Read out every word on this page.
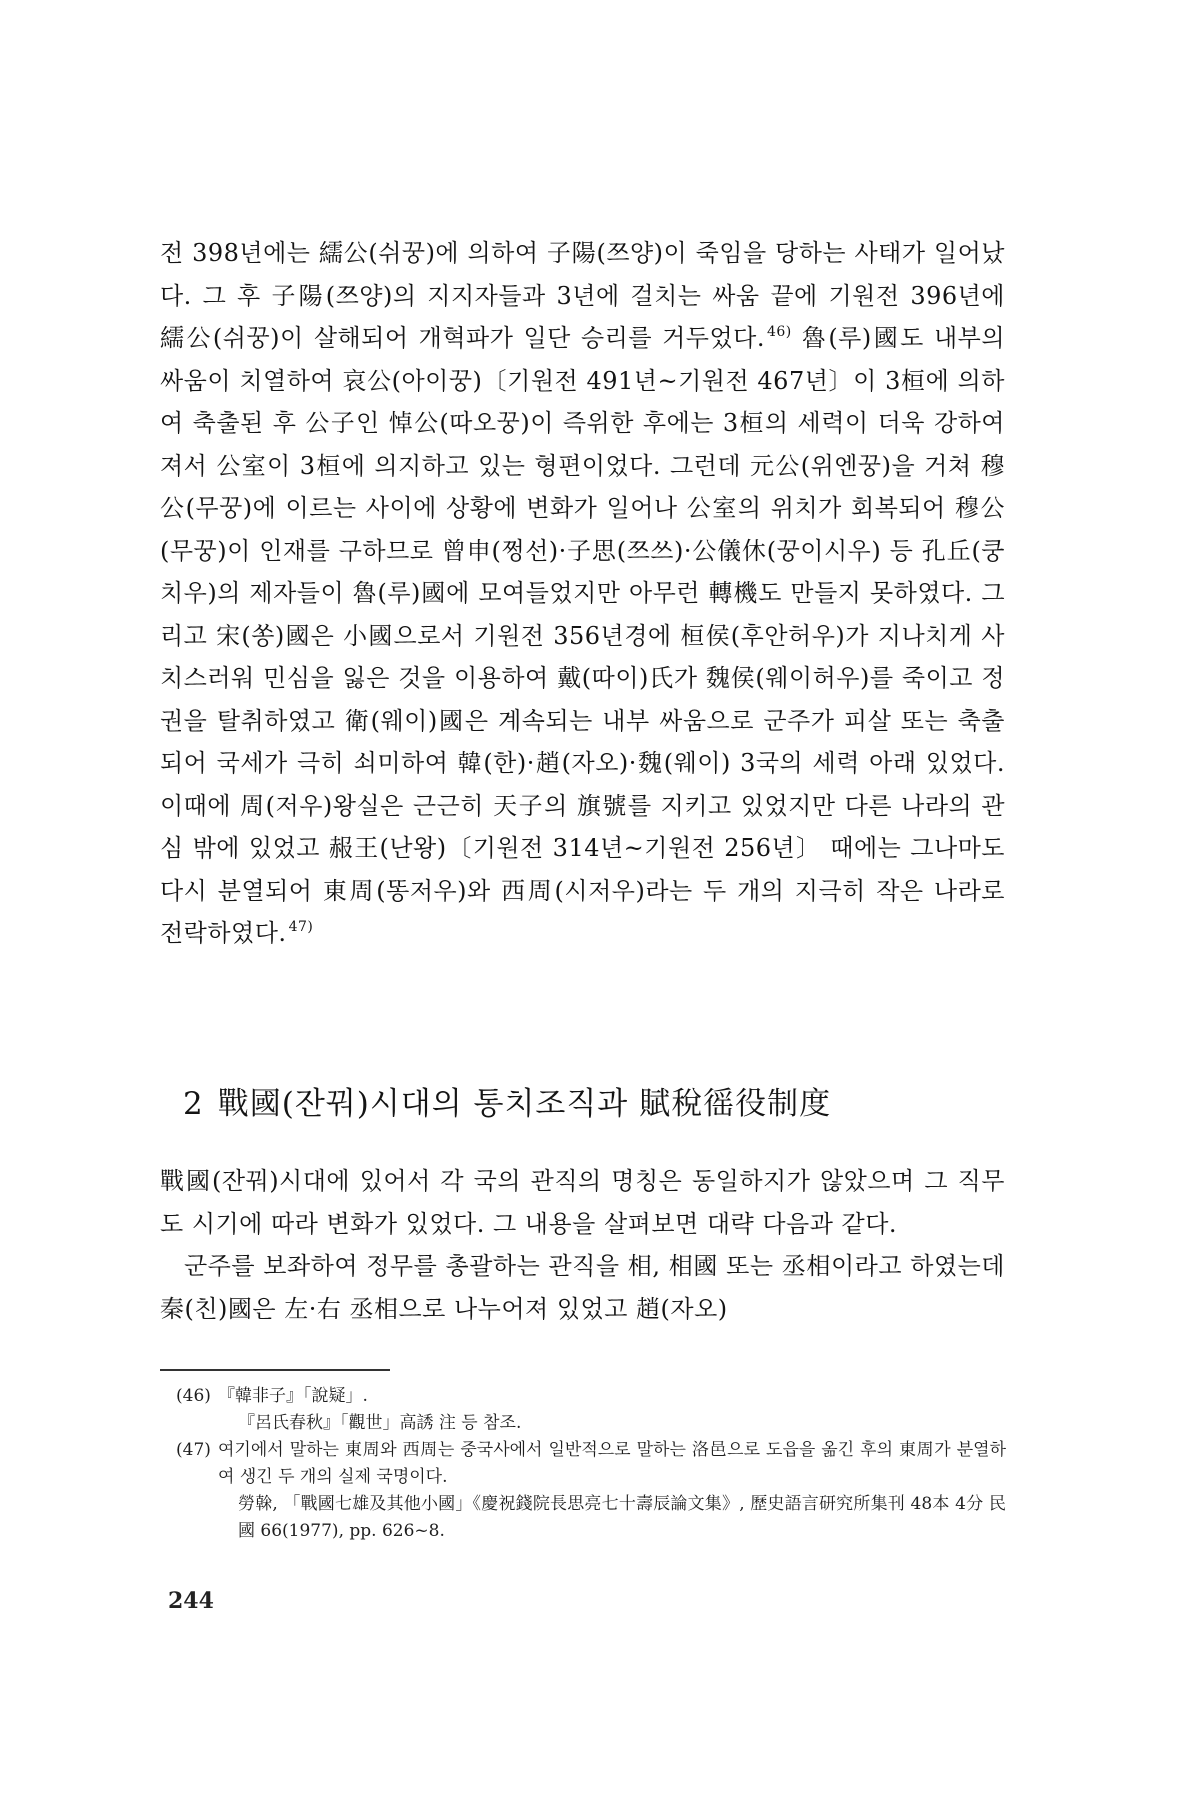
전 398년에는 繻公(쉬꿍)에 의하여 子陽(쯔양)이 죽임을 당하는 사태가 일어났다. 그 후 子陽(쯔양)의 지지자들과 3년에 걸치는 싸움 끝에 기원전 396년에 繻公(쉬꿍)이 살해되어 개혁파가 일단 승리를 거두었다. $^{46)}$ 魯(루)國도 내부의 싸움이 치열하여 哀公(아이꿍)〔기원전 491년~기원전 467년〕이 3桓에 의하여 축출된 후 公子인 悼公(따오꿍)이 즉위한 후에는 3桓의 세력이 더욱 강하여져서 公室이 3桓에 의지하고 있는 형편이었다. 그런데 元公(위엔꿍)을 거쳐 穆公(무꿍)에 이르는 사이에 상황에 변화가 일어나 公室의 위치가 회복되어 穆公(무꿍)이 인재를 구하므로 曾申(쩡선)·子思(쯔쓰)·公儀休(꿍이시우) 등 孔丘(쿵치우)의 제자들이 魯(루)國에 모여들었지만 아무런 轉機도 만들지 못하였다. 그리고 宋(쏭)國은 小國으로서 기원전 356년경에 桓侯(후안허우)가 지나치게 사치스러워 민심을 잃은 것을 이용하여 戴(따이)氏가 魏侯(웨이허우)를 죽이고 정권을 탈취하였고 衛(웨이)國은 계속되는 내부 싸움으로 군주가 피살 또는 축출되어 국세가 극히 쇠미하여 韓(한)·趙(자오)·魏(웨이) 3국의 세력 아래 있었다. 이때에 周(저우)왕실은 근근히 天子의 旗號를 지키고 있었지만 다른 나라의 관심 밖에 있었고 赧王(난왕)〔기원전 314년~기원전 256년〕 때에는 그나마도 다시 분열되어 東周(똥저우)와 西周(시저우)라는 두 개의 지극히 작은 나라로 전락하였다. $^{47)}$

2 戰國(잔꿔)시대의 통치조직과 賦稅徭役制度

戰國(잔꿔)시대에 있어서 각 국의 관직의 명칭은 동일하지가 않았으며 그 직무도 시기에 따라 변화가 있었다. 그 내용을 살펴보면 대략 다음과 같다.

군주를 보좌하여 정무를 총괄하는 관직을 相, 相國 또는 丞相이라고 하였는데 秦(친)國은 左·右 丞相으로 나누어져 있었고 趙(자오)

(46) 『韓非子』「說疑」.
『呂氏春秋』「觀世」高誘 注 등 참조.
(47) 여기에서 말하는 東周와 西周는 중국사에서 일반적으로 말하는 洛邑으로 도읍을 옮긴 후의 東周가 분열하여 생긴 두 개의 실제 국명이다.
勞榦, 「戰國七雄及其他小國」《慶祝錢院長思亮七十壽辰論文集》, 歷史語言研究所集刊 48本 4分 民國 66(1977), pp. 626~8.
244
